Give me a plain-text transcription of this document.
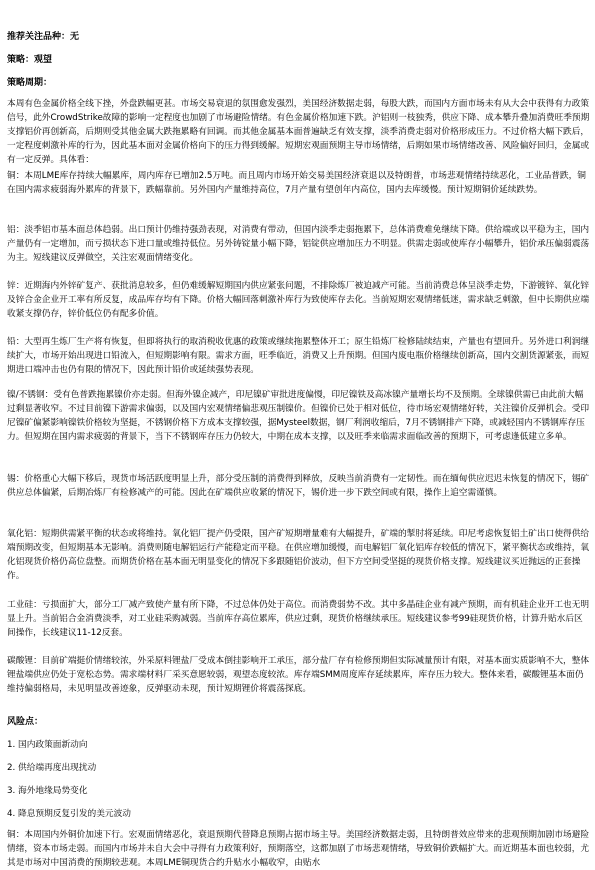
推荐关注品种：无
策略：观望
策略周期：

本周有色金属价格全线下挫，外盘跌幅更甚。市场交易衰退的氛围愈发强烈，美国经济数据走弱，每股大跌，而国内方面市场未有从大会中获得有力政策信号，此外CrowdStrike故障的影响一定程度也加剧了市场避险情绪。有色金属价格加速下跌。沪铝则一枝独秀，供应下降、成本攀升叠加消费旺季预期支撑铝价再创新高，后期则受其他金属大跌拖累略有回调。而其他金属基本面普遍缺乏有效支撑，淡季消费走弱对价格形成压力。不过价格大幅下跌后，一定程度刺激补库的行为，因此基本面对金属价格向下的压力得到缓解。短期宏观面预期主导市场情绪，后期如果市场情绪改善、风险偏好回归，金属或有一定反弹。具体看：

铜：本周LME库存持续大幅累库，周内库存已增加2.5万吨。而且周内市场开始交易美国经济衰退以及特朗普，市场悲观情绪持续恶化，工业品普跌，铜在国内需求疲弱海外累库的背景下，跌幅靠前。另外国内产量维持高位，7月产量有望创年内高位，国内去库缓慢。预计短期铜价延续跌势。

铝：淡季铝市基本面总体趋弱。出口预计仍维持强劲表现，对消费有带动，但国内淡季走弱拖累下，总体消费难免继续下降。供给端或以平稳为主，国内产量仍有一定增加，而亏损状态下进口量或维持低位。另外铸锭量小幅下降，铝锭供应增加压力不明显。供需走弱或使库存小幅攀升，铝价承压偏弱震荡为主。短线建议反弹做空，关注宏观面情绪变化。

锌：近期海内外锌矿复产、获批消息较多，但仍难缓解短期国内供应紧张问题，不排除炼厂被迫减产可能。当前消费总体呈淡季走势，下游镀锌、氧化锌及锌合金企业开工率有所反复，成品库存均有下降。价格大幅回落刺激补库行为致使库存去化。当前短期宏观情绪低迷，需求缺乏刺激，但中长期供应端收紧支撑仍存，锌价低位仍有配多价值。

铅：大型再生炼厂生产将有恢复，但即将执行的取消税收优惠的政策或继续拖累整体开工；原生铅炼厂检修陆续结束，产量也有望回升。另外进口利润继续扩大，市场开始出现进口铅流入，但短期影响有限。需求方面，旺季临近，消费又上升预期。但国内废电瓶价格继续创新高，国内交割货源紧张，而短期进口端冲击也仍有限的情况下，因此预计铅价或延续强势表现。

镍/不锈钢：受有色普跌拖累镍价亦走弱。但海外镍企减产，印尼镍矿审批进度偏慢，印尼镍铁及高冰镍产量增长均不及预期。全球镍供需已由此前大幅过剩显著收窄。不过目前镍下游需求偏弱，以及国内宏观情绪偏悲观压制镍价。但镍价已处于相对低位，待市场宏观情绪好转，关注镍价反弹机会。受印尼镍矿偏紧影响镍铁价格较为坚挺，不锈钢价格下方成本支撑较强，据Mysteel数据，钢厂利润收缩后，7月不锈钢排产下降，或减轻国内不锈钢库存压力。但短期在国内需求疲弱的背景下，当下不锈钢库存压力仍较大，中期在成本支撑，以及旺季来临需求面临改善的预期下，可考虑逢低建立多单。

锡：价格重心大幅下移后，现货市场活跃度明显上升，部分受压制的消费得到释放，反映当前消费有一定韧性。而在缅甸供应迟迟未恢复的情况下，锡矿供应总体偏紧，后期冶炼厂有检修减产的可能。因此在矿端供应收紧的情况下，锡价进一步下跌空间或有限，操作上追空需谨慎。

氧化铝：短期供需紧平衡的状态或将维持。氧化铝厂提产仍受限，国产矿短期增量难有大幅提升，矿端的掣肘将延续。印尼考虑恢复铝土矿出口使得供给端预期改变，但短期基本无影响。消费则随电解铝运行产能稳定而平稳。在供应增加缓慢，而电解铝厂氧化铝库存较低的情况下，紧平衡状态或维持，氧化铝现货价格仍高位盘整。而期货价格在基本面无明显变化的情况下多跟随铝价波动，但下方空间受坚挺的现货价格支撑。短线建议买近抛远的正套操作。

工业硅：亏损面扩大，部分工厂减产致使产量有所下降，不过总体仍处于高位。而消费弱势不改。其中多晶硅企业有减产预期，而有机硅企业开工也无明显上升。当前铝合金消费淡季，对工业硅采购减弱。当前库存高位累库，供应过剩，现货价格继续承压。短线建议参考99硅现货价格，计算升贴水后区间操作，长线建议11-12反套。

碳酸锂：目前矿端挺价情绪较浓，外采原料锂盐厂受成本倒挂影响开工承压，部分盐厂存有检修预期但实际减量预计有限，对基本面实质影响不大，整体锂盐端供应仍处于宽松态势。需求端材料厂采买意愿较弱，观望态度较浓。库存端SMM周度库存延续累库，库存压力较大。整体来看，碳酸锂基本面仍维持偏弱格局，未见明显改善迹象，反弹驱动未现，预计短期锂价将震荡探底。

风险点：
1. 国内政策面新动向
2. 供给端再度出现扰动
3. 海外地缘局势变化
4. 降息预期反复引发的美元波动

铜：本周国内外铜价加速下行。宏观面情绪恶化，衰退预期代替降息预期占据市场主导。美国经济数据走弱，且特朗普效应带来的悲观预期加剧市场避险情绪，资本市场走弱。而国内市场并未自大会中寻得有力政策利好，预期落空，这都加剧了市场悲观情绪，导致铜价跌幅扩大。而近期基本面也较弱，尤其是市场对中国消费的预期较悲观。本周LME铜现货合约升贴水小幅收窄，由贴水
